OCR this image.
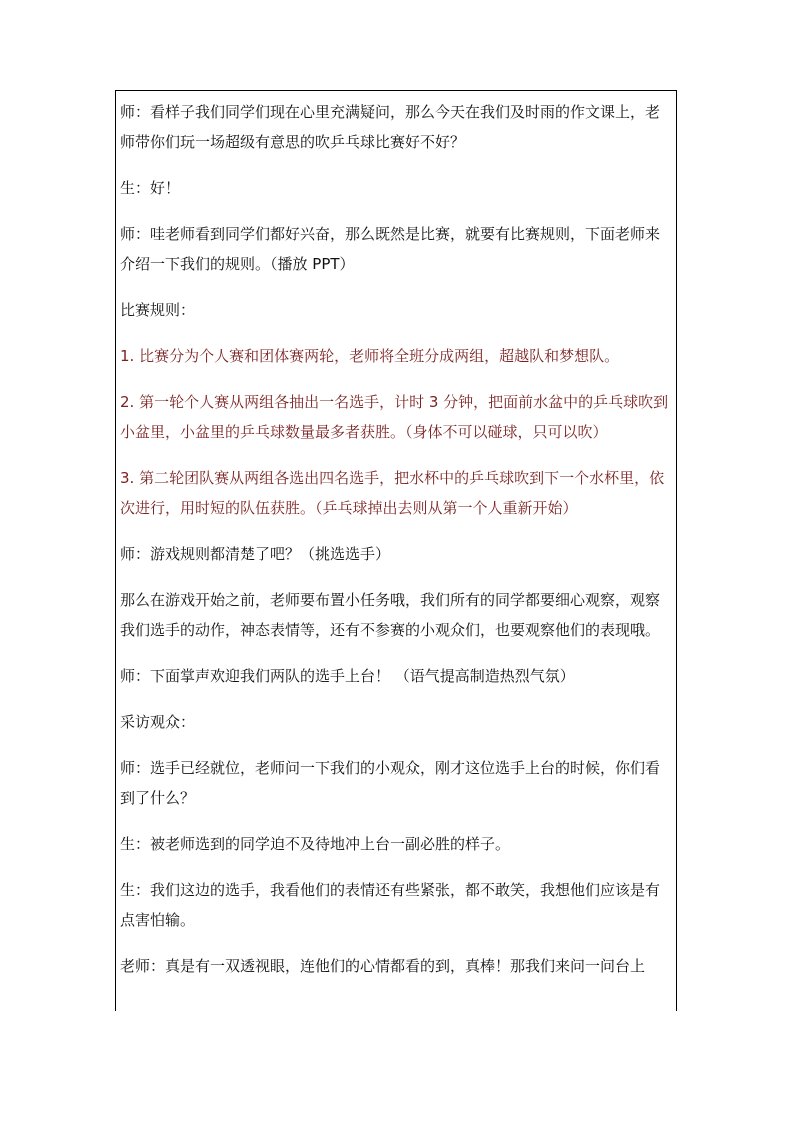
师：看样子我们同学们现在心里充满疑问，那么今天在我们及时雨的作文课上，老师带你们玩一场超级有意思的吹乒乓球比赛好不好？

生：好！

师：哇老师看到同学们都好兴奋，那么既然是比赛，就要有比赛规则，下面老师来介绍一下我们的规则。（播放 PPT）

比赛规则：

1. 比赛分为个人赛和团体赛两轮，老师将全班分成两组，超越队和梦想队。

2. 第一轮个人赛从两组各抽出一名选手，计时 3 分钟，把面前水盆中的乒乓球吹到小盆里，小盆里的乒乓球数量最多者获胜。（身体不可以碰球，只可以吹）

3. 第二轮团队赛从两组各选出四名选手，把水杯中的乒乓球吹到下一个水杯里，依次进行，用时短的队伍获胜。（乒乓球掉出去则从第一个人重新开始）

师：游戏规则都清楚了吧？（挑选选手）

那么在游戏开始之前，老师要布置小任务哦，我们所有的同学都要细心观察，观察我们选手的动作，神态表情等，还有不参赛的小观众们，也要观察他们的表现哦。

师：下面掌声欢迎我们两队的选手上台！ （语气提高制造热烈气氛）

采访观众：

师：选手已经就位，老师问一下我们的小观众，刚才这位选手上台的时候，你们看到了什么？

生：被老师选到的同学迫不及待地冲上台一副必胜的样子。

生：我们这边的选手，我看他们的表情还有些紧张，都不敢笑，我想他们应该是有点害怕输。

老师：真是有一双透视眼，连他们的心情都看的到，真棒！那我们来问一问台上
